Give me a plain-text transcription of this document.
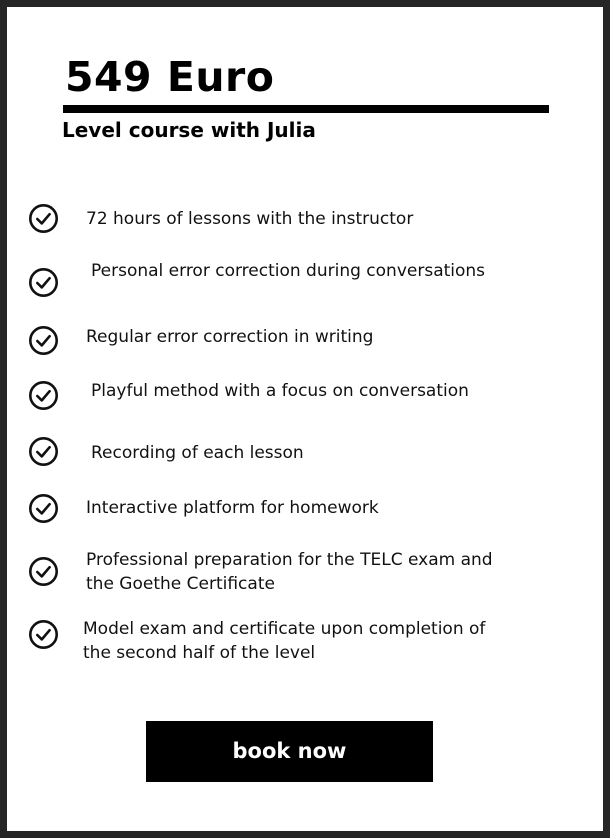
549 Euro
Level course with Julia
72 hours of lessons with the instructor
Personal error correction during conversations
Regular error correction in writing
Playful method with a focus on conversation
Recording of each lesson
Interactive platform for homework
Professional preparation for the TELC exam and
the Goethe Certificate
Model exam and certificate upon completion of
the second half of the level
book now
